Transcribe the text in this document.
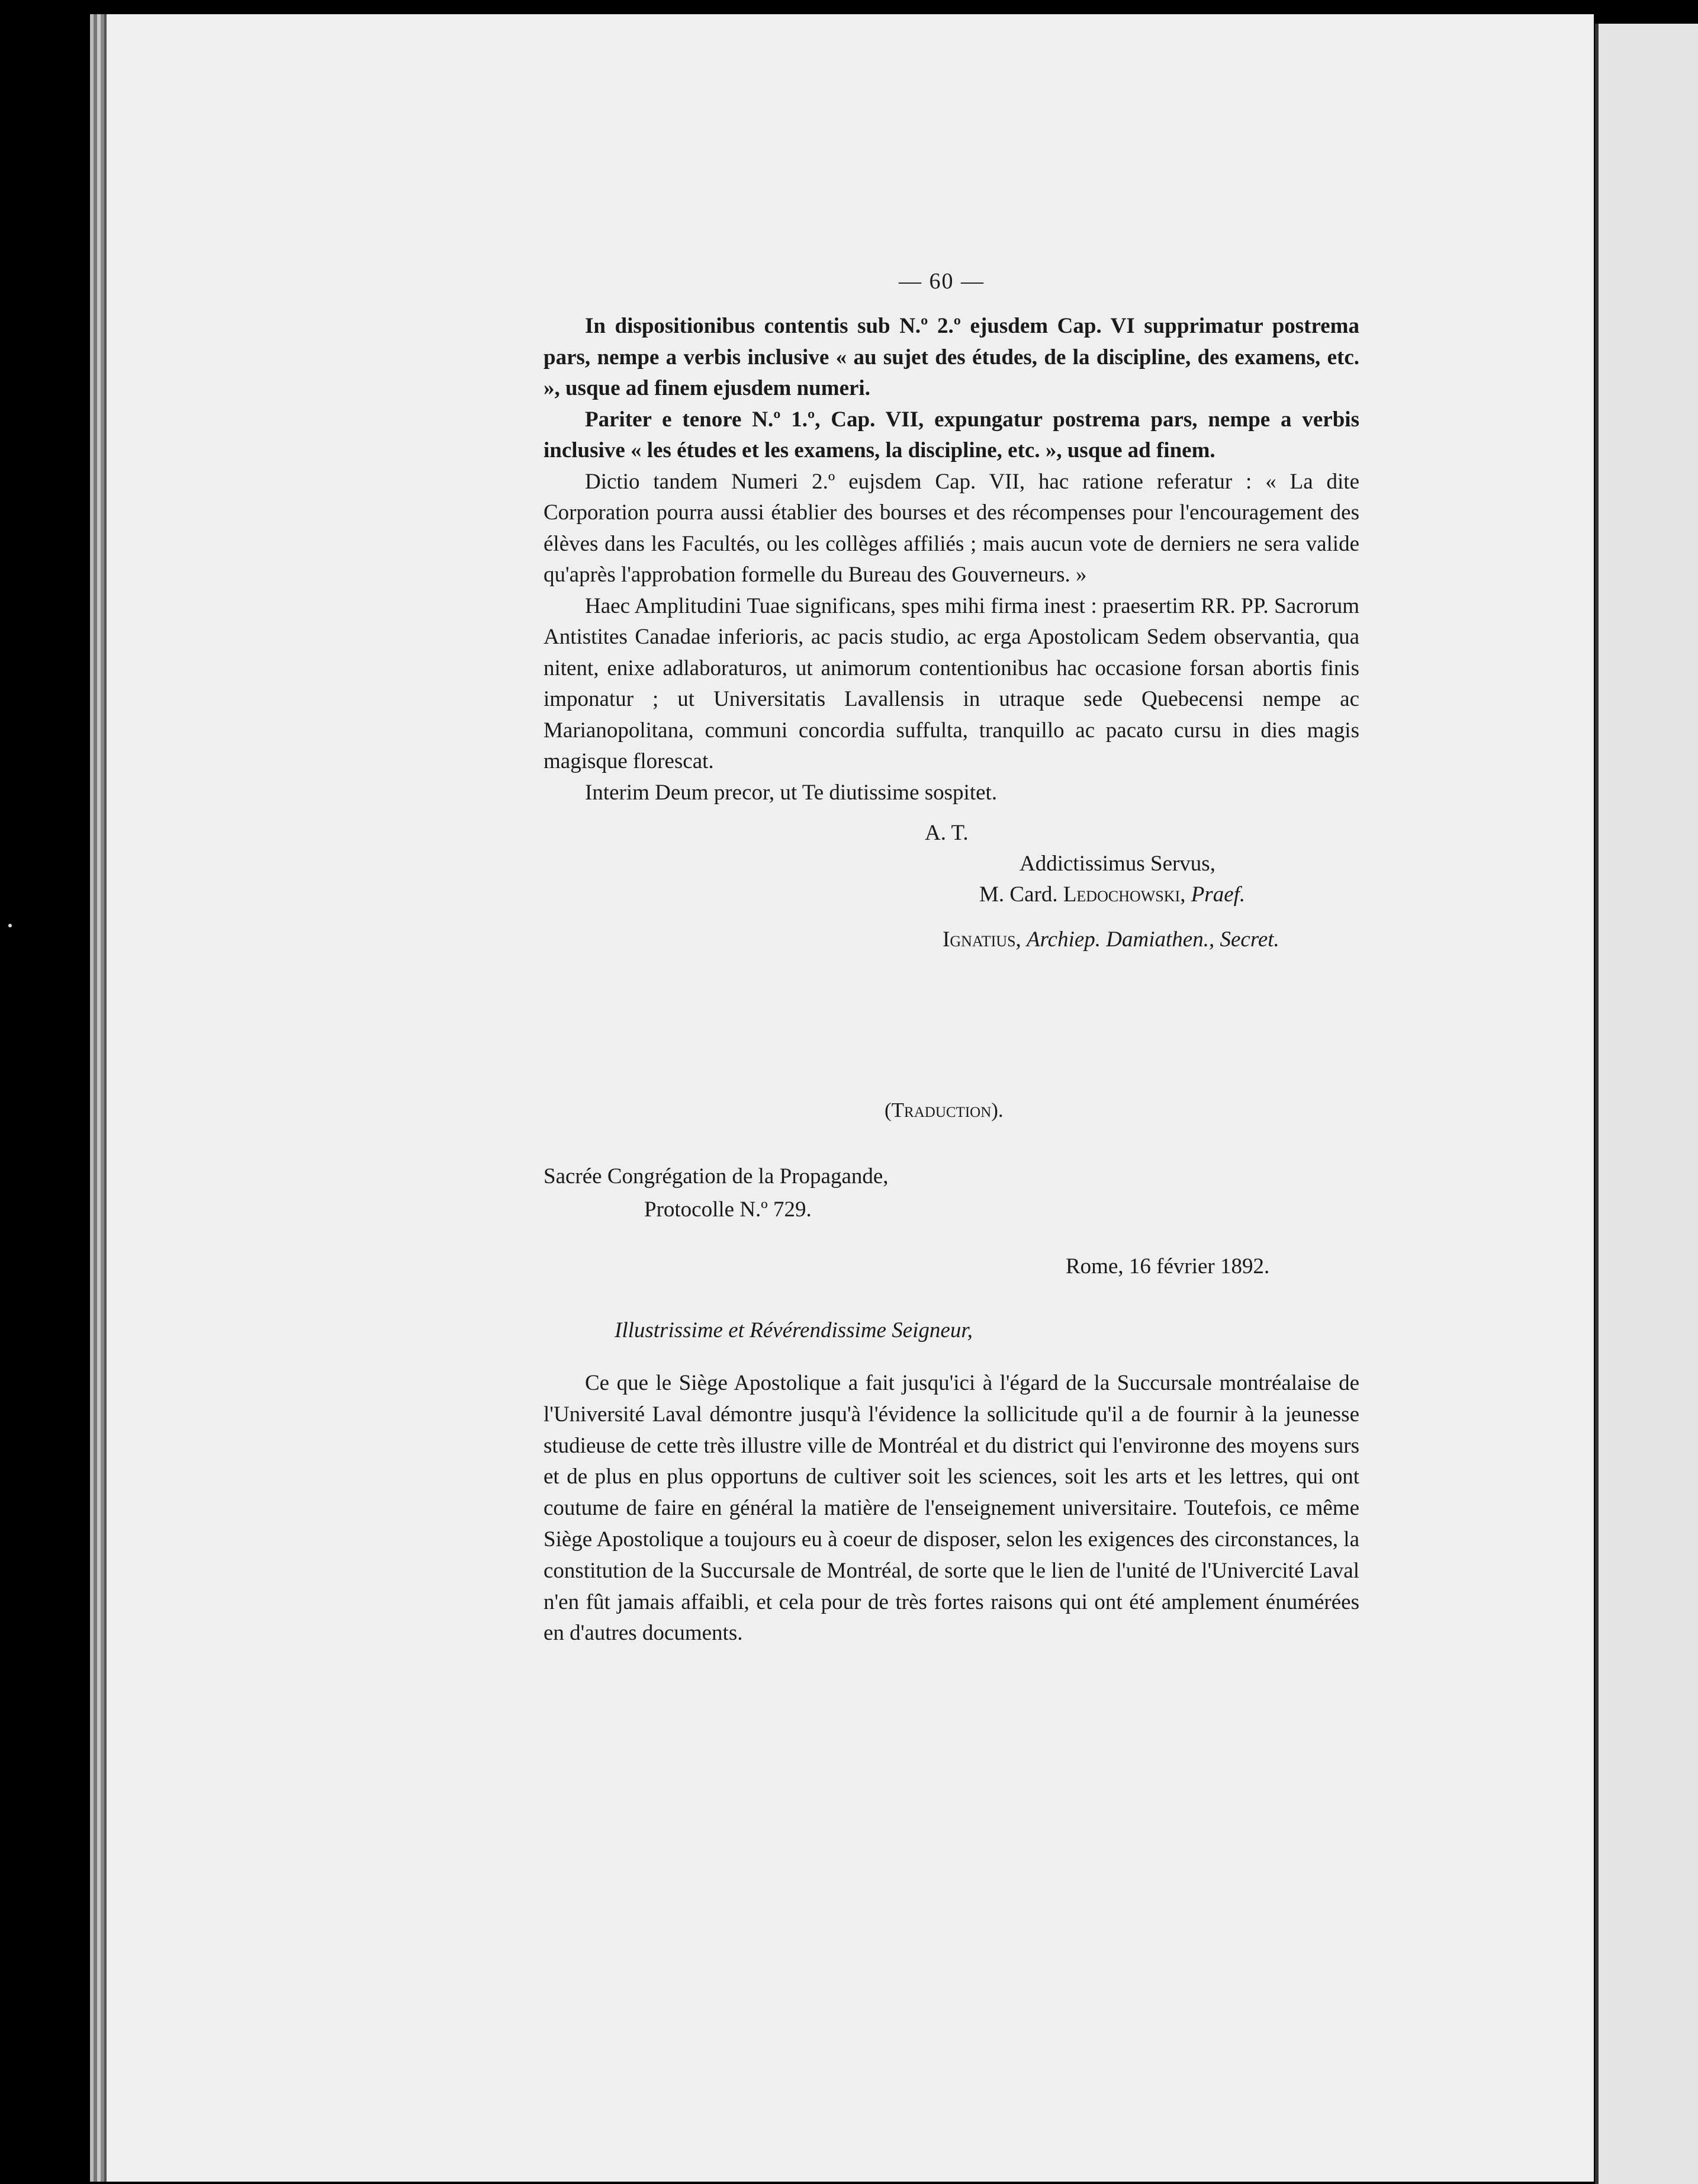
— 60 —

In dispositionibus contentis sub N.º 2.º ejusdem Cap. VI supprimatur postrema pars, nempe a verbis inclusive « au sujet des études, de la discipline, des examens, etc. », usque ad finem ejusdem numeri.

Pariter e tenore N.º 1.º, Cap. VII, expungatur postrema pars, nempe a verbis inclusive « les études et les examens, la discipline, etc. », usque ad finem.

Dictio tandem Numeri 2.º eujsdem Cap. VII, hac ratione referatur : « La dite Corporation pourra aussi établier des bourses et des récompenses pour l'encouragement des élèves dans les Facultés, ou les collèges affiliés ; mais aucun vote de derniers ne sera valide qu'après l'approbation formelle du Bureau des Gouverneurs. »

Haec Amplitudini Tuae significans, spes mihi firma inest : praesertim RR. PP. Sacrorum Antistites Canadae inferioris, ac pacis studio, ac erga Apostolicam Sedem observantia, qua nitent, enixe adlaboraturos, ut animorum contentionibus hac occasione forsan abortis finis imponatur ; ut Universitatis Lavallensis in utraque sede Quebecensi nempe ac Marianopolitana, communi concordia suffulta, tranquillo ac pacato cursu in dies magis magisque florescat.

Interim Deum precor, ut Te diutissime sospitet.

A. T.
Addictissimus Servus,
M. Card. Ledochowski, Praef.
Ignatius, Archiep. Damiathen., Secret.
(Traduction).
Sacrée Congrégation de la Propagande,
Protocolle N.º 729.
Rome, 16 février 1892.
Illustrissime et Révérendissime Seigneur,

Ce que le Siège Apostolique a fait jusqu'ici à l'égard de la Succursale montréalaise de l'Université Laval démontre jusqu'à l'évidence la sollicitude qu'il a de fournir à la jeunesse studieuse de cette très illustre ville de Montréal et du district qui l'environne des moyens surs et de plus en plus opportuns de cultiver soit les sciences, soit les arts et les lettres, qui ont coutume de faire en général la matière de l'enseignement universitaire. Toutefois, ce même Siège Apostolique a toujours eu à coeur de disposer, selon les exigences des circonstances, la constitution de la Succursale de Montréal, de sorte que le lien de l'unité de l'Univercité Laval n'en fût jamais affaibli, et cela pour de très fortes raisons qui ont été amplement énumérées en d'autres documents.
